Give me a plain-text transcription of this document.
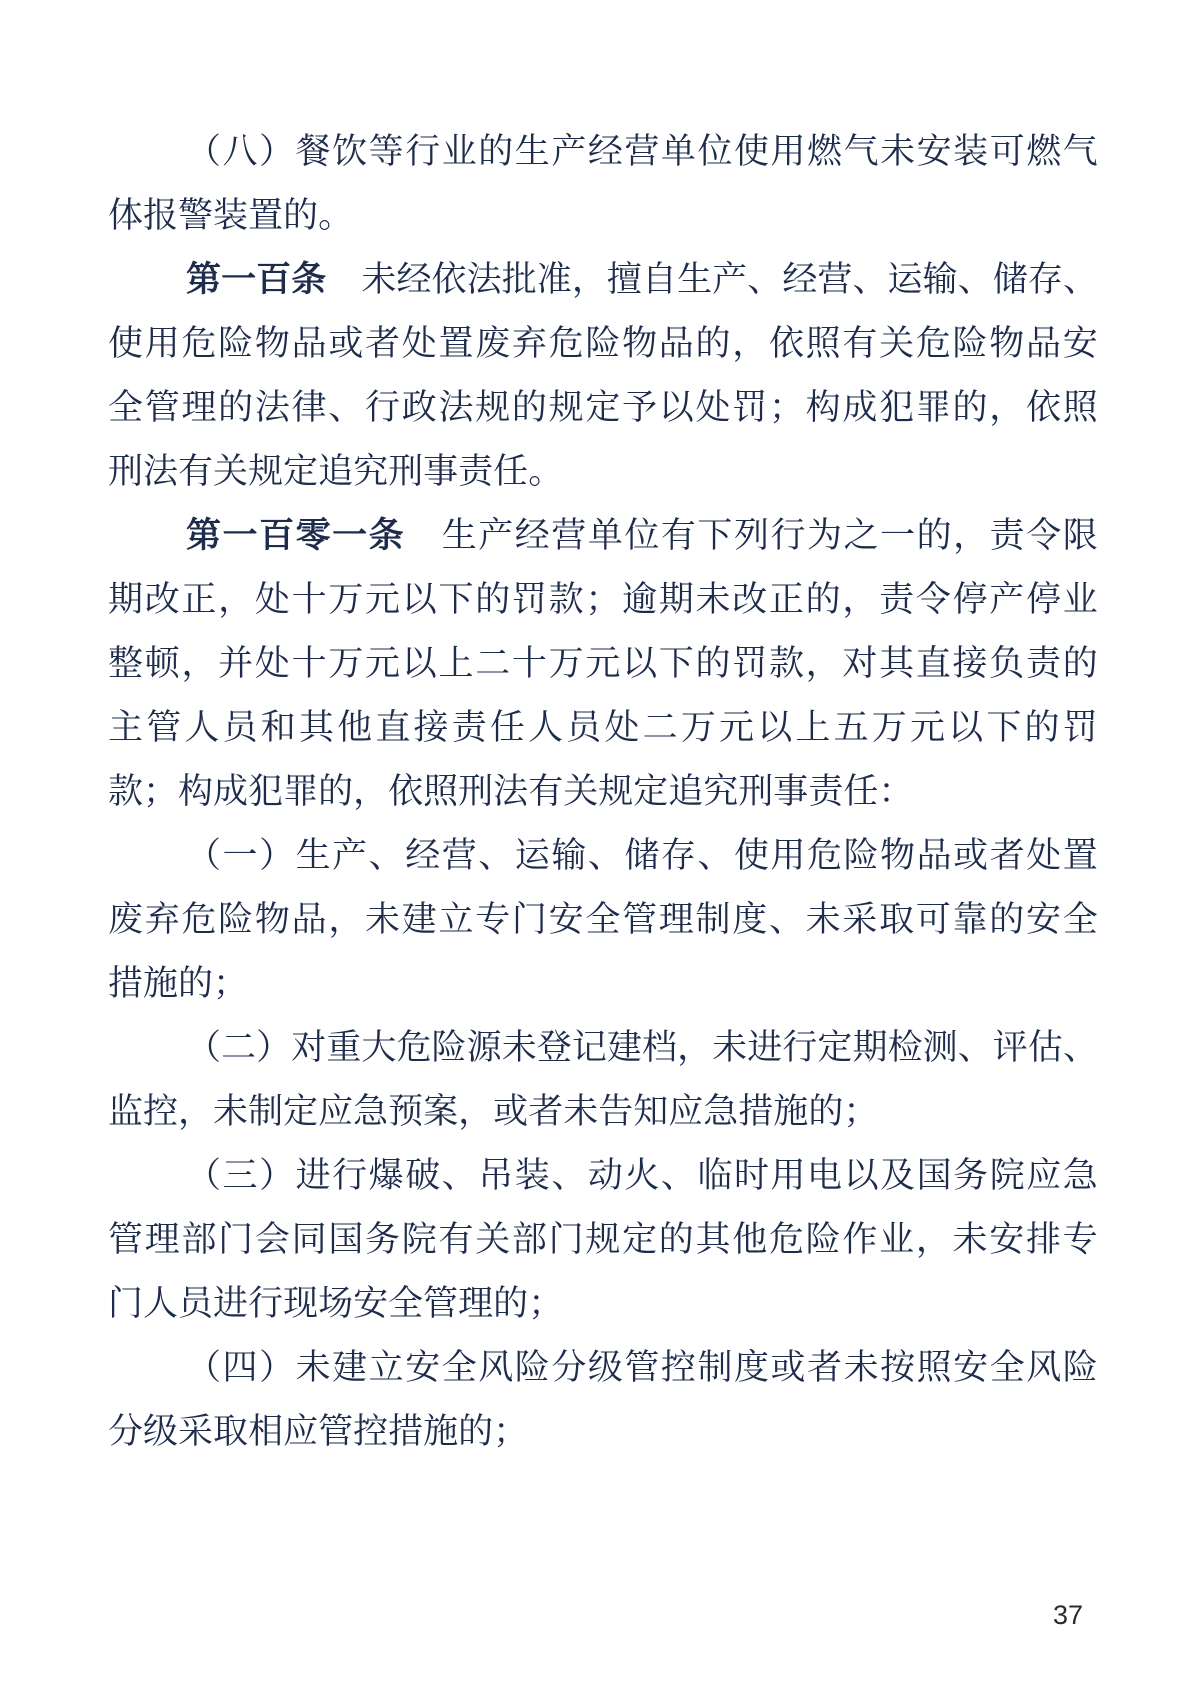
（ 八 ） 餐 饮 等 行 业 的 生 产 经 营 单 位 使 用 燃 气 未 安 装 可 燃 气
体报警装置的。
第 一 百 条
　 未 经 依 法 批 准 ， 擅 自 生 产 、 经 营 、 运 输 、 储 存 、
使 用 危 险 物 品 或 者 处 置 废 弃 危 险 物 品 的 ， 依 照 有 关 危 险 物 品 安
全 管 理 的 法 律 、 行 政 法 规 的 规 定 予 以 处 罚 ； 构 成 犯 罪 的 ， 依 照
刑法有关规定追究刑事责任。
第 一 百 零 一 条
　 生 产 经 营 单 位 有 下 列 行 为 之 一 的 ， 责 令 限
期 改 正 ， 处 十 万 元 以 下 的 罚 款 ； 逾 期 未 改 正 的 ， 责 令 停 产 停 业
整 顿 ， 并 处 十 万 元 以 上 二 十 万 元 以 下 的 罚 款 ， 对 其 直 接 负 责 的
主 管 人 员 和 其 他 直 接 责 任 人 员 处 二 万 元 以 上 五 万 元 以 下 的 罚
款；构成犯罪的，依照刑法有关规定追究刑事责任：
（ 一 ） 生 产 、 经 营 、 运 输 、 储 存 、 使 用 危 险 物 品 或 者 处 置
废 弃 危 险 物 品 ， 未 建 立 专 门 安 全 管 理 制 度 、 未 采 取 可 靠 的 安 全
措施的；
（ 二 ） 对 重 大 危 险 源 未 登 记 建 档 ， 未 进 行 定 期 检 测 、 评 估 、
监控，未制定应急预案，或者未告知应急措施的；
（ 三 ） 进 行 爆 破 、 吊 装 、 动 火 、 临 时 用 电 以 及 国 务 院 应 急
管 理 部 门 会 同 国 务 院 有 关 部 门 规 定 的 其 他 危 险 作 业 ， 未 安 排 专
门人员进行现场安全管理的；
（ 四 ） 未 建 立 安 全 风 险 分 级 管 控 制 度 或 者 未 按 照 安 全 风 险
分级采取相应管控措施的；
37
